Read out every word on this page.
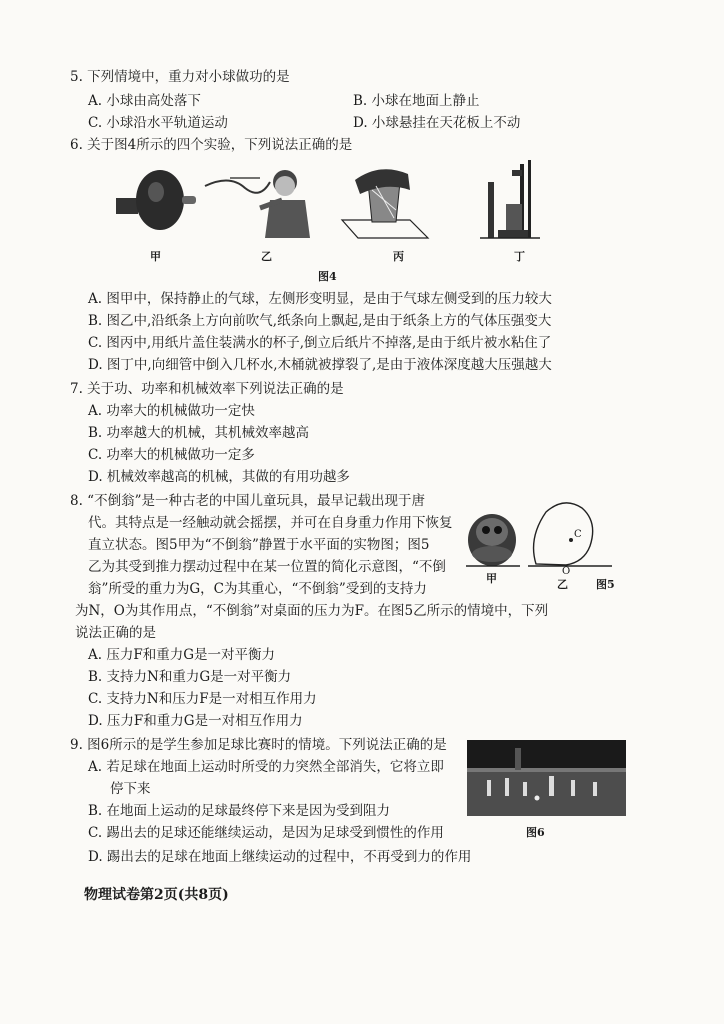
5. 下列情境中，重力对小球做功的是
A. 小球由高处落下	B. 小球在地面上静止
C. 小球沿水平轨道运动	D. 小球悬挂在天花板上不动
6. 关于图4所示的四个实验，下列说法正确的是
甲	乙	丙	丁
图4
A. 图甲中，保持静止的气球，左侧形变明显，是由于气球左侧受到的压力较大
B. 图乙中,沿纸条上方向前吹气,纸条向上飘起,是由于纸条上方的气体压强变大
C. 图丙中,用纸片盖住装满水的杯子,倒立后纸片不掉落,是由于纸片被水粘住了
D. 图丁中,向细管中倒入几杯水,木桶就被撑裂了,是由于液体深度越大压强越大
7. 关于功、功率和机械效率下列说法正确的是
A. 功率大的机械做功一定快
B. 功率越大的机械，其机械效率越高
C. 功率大的机械做功一定多
D. 机械效率越高的机械，其做的有用功越多
8. “不倒翁”是一种古老的中国儿童玩具，最早记载出现于唐
代。其特点是一经触动就会摇摆，并可在自身重力作用下恢复
直立状态。图5甲为“不倒翁”静置于水平面的实物图；图5
乙为其受到推力摆动过程中在某一位置的简化示意图，“不倒
翁”所受的重力为G，C为其重心，“不倒翁”受到的支持力
为N，O为其作用点，“不倒翁”对桌面的压力为F。在图5乙所示的情境中，下列
说法正确的是
C
O
甲	乙	图5
A. 压力F和重力G是一对平衡力
B. 支持力N和重力G是一对平衡力
C. 支持力N和压力F是一对相互作用力
D. 压力F和重力G是一对相互作用力
9. 图6所示的是学生参加足球比赛时的情境。下列说法正确的是
A. 若足球在地面上运动时所受的力突然全部消失，它将立即
停下来
B. 在地面上运动的足球最终停下来是因为受到阻力
C. 踢出去的足球还能继续运动，是因为足球受到惯性的作用
D. 踢出去的足球在地面上继续运动的过程中，不再受到力的作用
图6
物理试卷第2页(共8页)
